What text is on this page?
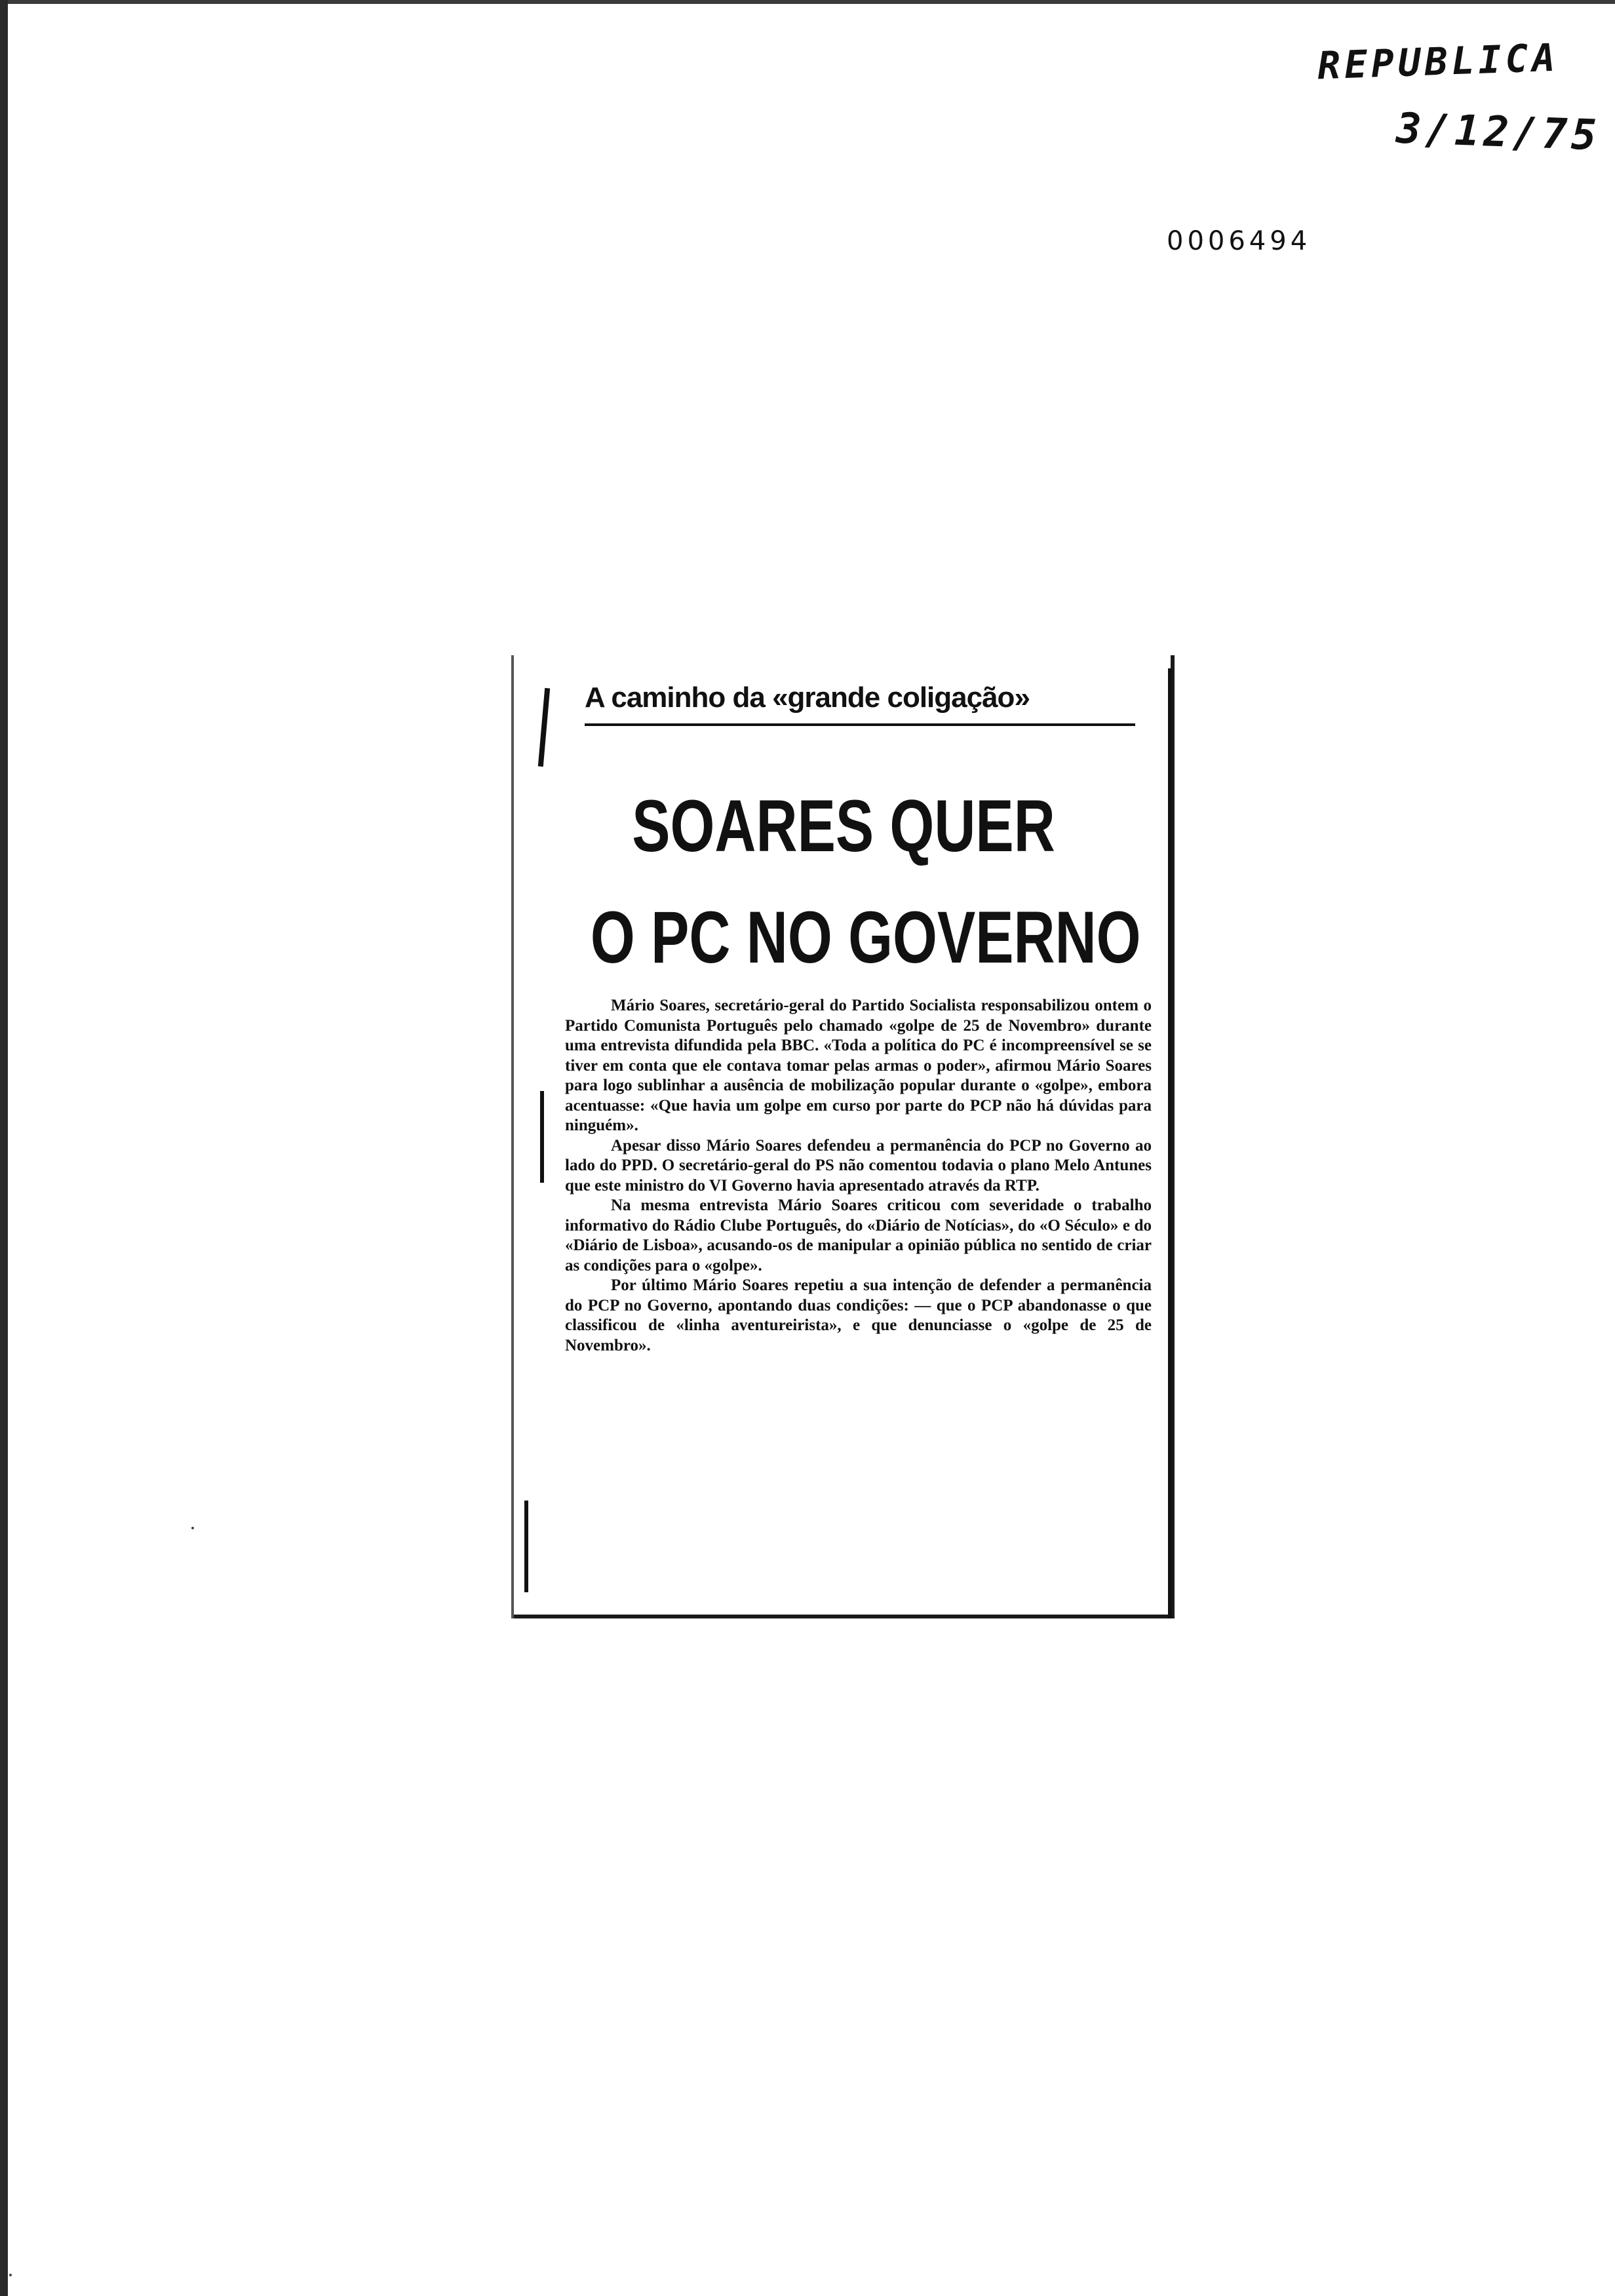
REPUBLICA
3/12/75
0006494
A caminho da «grande coligação»
SOARES QUER
O PC NO GOVERNO

Mário Soares, secretário-geral do Partido Socialista responsabilizou ontem o Partido Comunista Português pelo chamado «golpe de 25 de Novembro» durante uma entrevista difundida pela BBC. «Toda a política do PC é incompreensível se se tiver em conta que ele contava tomar pelas armas o poder», afirmou Mário Soares para logo sublinhar a ausência de mobilização popular durante o «golpe», embora acentuasse: «Que havia um golpe em curso por parte do PCP não há dúvidas para ninguém».

Apesar disso Mário Soares defendeu a permanência do PCP no Governo ao lado do PPD. O secretário-geral do PS não comentou todavia o plano Melo Antunes que este ministro do VI Governo havia apresentado através da RTP.

Na mesma entrevista Mário Soares criticou com severidade o trabalho informativo do Rádio Clube Português, do «Diário de Notícias», do «O Século» e do «Diário de Lisboa», acusando-os de manipular a opinião pública no sentido de criar as condições para o «golpe».

Por último Mário Soares repetiu a sua intenção de defender a permanência do PCP no Governo, apontando duas condições: — que o PCP abandonasse o que classificou de «linha aventureirista», e que denunciasse o «golpe de 25 de Novembro».
